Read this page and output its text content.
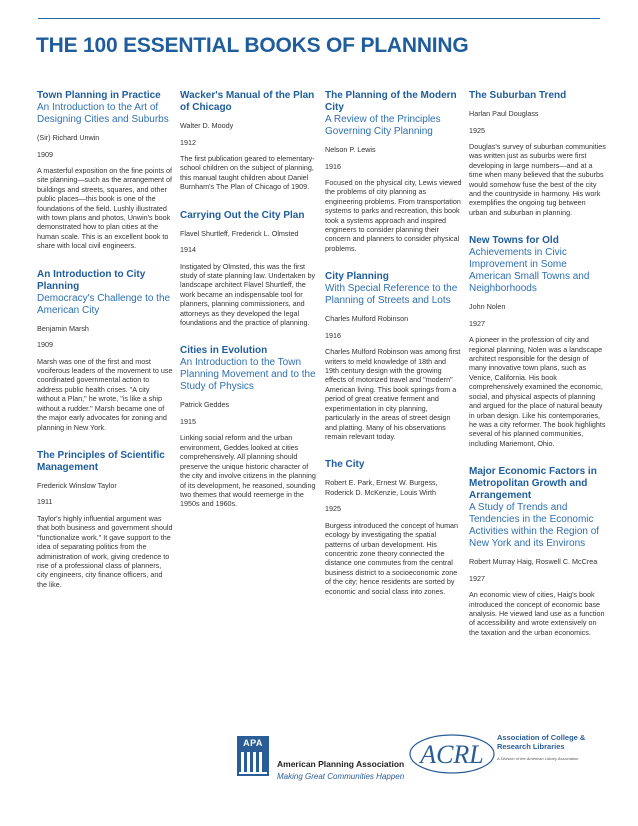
THE 100 ESSENTIAL BOOKS OF PLANNING

Town Planning in Practice

An Introduction to the Art of Designing Cities and Suburbs

(Sir) Richard Unwin
1909
A masterful exposition on the fine points of site planning—such as the arrangement of buildings and streets, squares, and other public places—this book is one of the foundations of the field. Lushly illustrated with town plans and photos, Unwin's book demonstrated how to plan cities at the human scale. This is an excellent book to share with local civil engineers.

An Introduction to City Planning

Democracy's Challenge to the American City

Benjamin Marsh
1909
Marsh was one of the first and most vociferous leaders of the movement to use coordinated governmental action to address public health crises. "A city without a Plan," he wrote, "is like a ship without a rudder." Marsh became one of the major early advocates for zoning and planning in New York.

The Principles of Scientific Management

Frederick Winslow Taylor
1911
Taylor's highly influential argument was that both business and government should "functionalize work." It gave support to the idea of separating politics from the administration of work, giving credence to rise of a professional class of planners, city engineers, city finance officers, and the like.

Wacker's Manual of the Plan of Chicago

Walter D. Moody
1912
The first publication geared to elementary-school children on the subject of planning, this manual taught children about Daniel Burnham's The Plan of Chicago of 1909.

Carrying Out the City Plan

Flavel Shurtleff, Frederick L. Olmsted
1914
Instigated by Olmsted, this was the first study of state planning law. Undertaken by landscape architect Flavel Shurtleff, the work became an indispensable tool for planners, planning commissioners, and attorneys as they developed the legal foundations and the practice of planning.

Cities in Evolution

An Introduction to the Town Planning Movement and to the Study of Physics

Patrick Geddes
1915
Linking social reform and the urban environment, Geddes looked at cities comprehensively. All planning should preserve the unique historic character of the city and involve citizens in the planning of its development, he reasoned, sounding two themes that would reemerge in the 1950s and 1960s.

The Planning of the Modern City

A Review of the Principles Governing City Planning

Nelson P. Lewis
1916
Focused on the physical city, Lewis viewed the problems of city planning as engineering problems. From transportation systems to parks and recreation, this book took a systems approach and inspired engineers to consider planning their concern and planners to consider physical problems.

City Planning

With Special Reference to the Planning of Streets and Lots

Charles Mulford Robinson
1916
Charles Mulford Robinson was among first writers to meld knowledge of 18th and 19th century design with the growing effects of motorized travel and "modern" American living. This book springs from a period of great creative ferment and experimentation in city planning, particularly in the areas of street design and platting. Many of his observations remain relevant today.

The City

Robert E. Park, Ernest W. Burgess, Roderick D. McKenzie, Louis Wirth
1925
Burgess introduced the concept of human ecology by investigating the spatial patterns of urban development. His concentric zone theory connected the distance one commutes from the central business district to a socioeconomic zone of the city; hence residents are sorted by economic and social class into zones.

The Suburban Trend

Harlan Paul Douglass
1925
Douglas's survey of suburban communities was written just as suburbs were first developing in large numbers—and at a time when many believed that the suburbs would somehow fuse the best of the city and the countryside in harmony. His work exemplifies the ongoing tug between urban and suburban in planning.

New Towns for Old

Achievements in Civic Improvement in Some American Small Towns and Neighborhoods

John Nolen
1927
A pioneer in the profession of city and regional planning, Nolen was a landscape architect responsible for the design of many innovative town plans, such as Venice, California. His book comprehensively examined the economic, social, and physical aspects of planning and argued for the place of natural beauty in urban design. Like his contemporaries, he was a city reformer. The book highlights several of his planned communities, including Mariemont, Ohio.

Major Economic Factors in Metropolitan Growth and Arrangement

A Study of Trends and Tendencies in the Economic Activities within the Region of New York and its Environs

Robert Murray Haig, Roswell C. McCrea
1927
An economic view of cities, Haig's book introduced the concept of economic base analysis. He viewed land use as a function of accessibility and wrote extensively on the taxation and the urban economics.
APA
American Planning Association
Making Great Communities Happen
ACRL
Association of College & Research Libraries
A Division of the American Library Association
